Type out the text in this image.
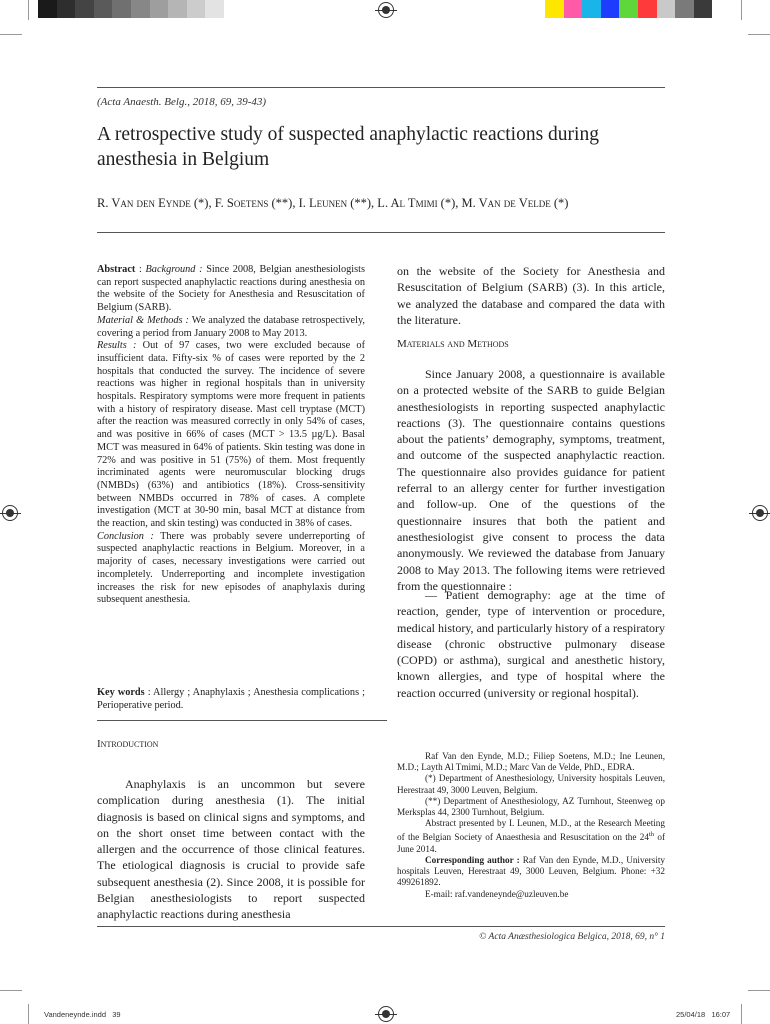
(Acta Anaesth. Belg., 2018, 69, 39-43)
A retrospective study of suspected anaphylactic reactions during anesthesia in Belgium
R. Van den Eynde (*), F. Soetens (**), I. Leunen (**), L. Al Tmimi (*), M. Van de Velde (*)
Abstract : Background : Since 2008, Belgian anesthesiologists can report suspected anaphylactic reactions during anesthesia on the website of the Society for Anesthesia and Resuscitation of Belgium (SARB).
Material & Methods : We analyzed the database retrospectively, covering a period from January 2008 to May 2013.
Results : Out of 97 cases, two were excluded because of insufficient data. Fifty-six % of cases were reported by the 2 hospitals that conducted the survey. The incidence of severe reactions was higher in regional hospitals than in university hospitals. Respiratory symptoms were more frequent in patients with a history of respiratory disease. Mast cell tryptase (MCT) after the reaction was measured correctly in only 54% of cases, and was positive in 66% of cases (MCT > 13.5 µg/L). Basal MCT was measured in 64% of patients. Skin testing was done in 72% and was positive in 51 (75%) of them. Most frequently incriminated agents were neuromuscular blocking drugs (NMBDs) (63%) and antibiotics (18%). Cross-sensitivity between NMBDs occurred in 78% of cases. A complete investigation (MCT at 30-90 min, basal MCT at distance from the reaction, and skin testing) was conducted in 38% of cases.
Conclusion : There was probably severe underreporting of suspected anaphylactic reactions in Belgium. Moreover, in a majority of cases, necessary investigations were carried out incompletely. Underreporting and incomplete investigation increases the risk for new episodes of anaphylaxis during subsequent anesthesia.
Key words : Allergy ; Anaphylaxis ; Anesthesia complications ; Perioperative period.
Introduction
Anaphylaxis is an uncommon but severe complication during anesthesia (1). The initial diagnosis is based on clinical signs and symptoms, and on the short onset time between contact with the allergen and the occurrence of those clinical features. The etiological diagnosis is crucial to provide safe subsequent anesthesia (2). Since 2008, it is possible for Belgian anesthesiologists to report suspected anaphylactic reactions during anesthesia
on the website of the Society for Anesthesia and Resuscitation of Belgium (SARB) (3). In this article, we analyzed the database and compared the data with the literature.
Materials and Methods
Since January 2008, a questionnaire is available on a protected website of the SARB to guide Belgian anesthesiologists in reporting suspected anaphylactic reactions (3). The questionnaire contains questions about the patients’ demography, symptoms, treatment, and outcome of the suspected anaphylactic reaction. The questionnaire also provides guidance for patient referral to an allergy center for further investigation and follow-up. One of the questions of the questionnaire insures that both the patient and anesthesiologist give consent to process the data anonymously. We reviewed the database from January 2008 to May 2013. The following items were retrieved from the questionnaire :
— Patient demography: age at the time of reaction, gender, type of intervention or procedure, medical history, and particularly history of a respiratory disease (chronic obstructive pulmonary disease (COPD) or asthma), surgical and anesthetic history, known allergies, and type of hospital where the reaction occurred (university or regional hospital).
Raf Van den Eynde, M.D.; Filiep Soetens, M.D.; Ine Leunen, M.D.; Layth Al Tmimi, M.D.; Marc Van de Velde, PhD., EDRA.
(*) Department of Anesthesiology, University hospitals Leuven, Herestraat 49, 3000 Leuven, Belgium.
(**) Department of Anesthesiology, AZ Turnhout, Steenweg op Merksplas 44, 2300 Turnhout, Belgium.
Abstract presented by I. Leunen, M.D., at the Research Meeting of the Belgian Society of Anaesthesia and Resuscitation on the 24th of June 2014.
Corresponding author : Raf Van den Eynde, M.D., University hospitals Leuven, Herestraat 49, 3000 Leuven, Belgium. Phone: +32 499261892.
E-mail: raf.vandeneynde@uzleuven.be
© Acta Anæsthesiologica Belgica, 2018, 69, n° 1
Vandeneynde.indd   39	25/04/18   16:07
